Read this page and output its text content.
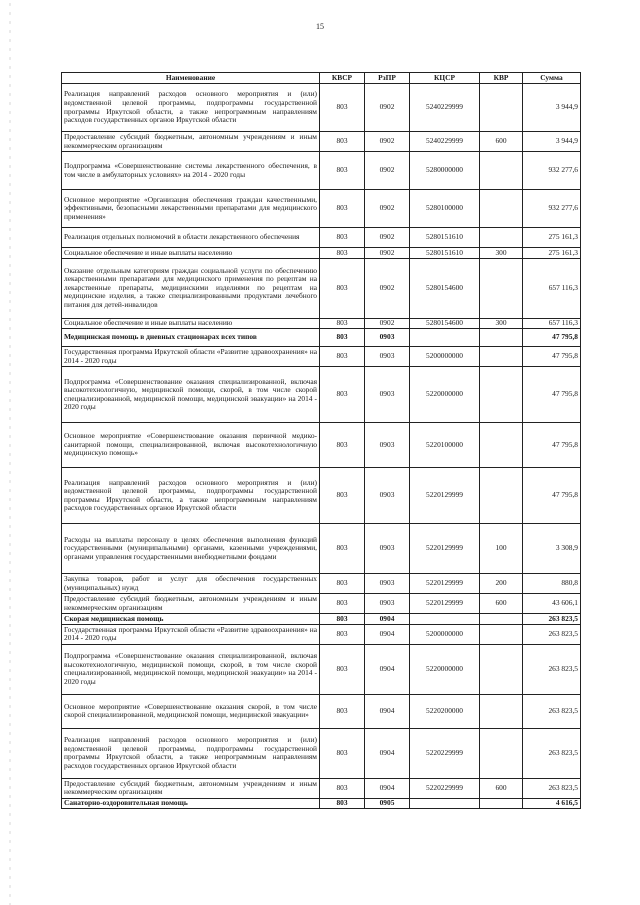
15
Наименование	КВСР	РзПР	КЦСР	КВР	Сумма
Реализация направлений расходов основного мероприятия и (или) ведомственной целевой программы, подпрограммы государственной программы Иркутской области, а также непрограммным направлениям расходов государственных органов Иркутской области	803	0902	5240229999		3 944,9
Предоставление субсидий бюджетным, автономным учреждениям и иным некоммерческим организациям	803	0902	5240229999	600	3 944,9
Подпрограмма «Совершенствование системы лекарственного обеспечения, в том числе в амбулаторных условиях» на 2014 - 2020 годы	803	0902	5280000000		932 277,6
Основное мероприятие «Организация обеспечения граждан качественными, эффективными, безопасными лекарственными препаратами для медицинского применения»	803	0902	5280100000		932 277,6
Реализация отдельных полномочий в области лекарственного обеспечения	803	0902	5280151610		275 161,3
Социальное обеспечение и иные выплаты населению	803	0902	5280151610	300	275 161,3
Оказание отдельным категориям граждан социальной услуги по обеспечению лекарственными препаратами для медицинского применения по рецептам на лекарственные препараты, медицинскими изделиями по рецептам на медицинские изделия, а также специализированными продуктами лечебного питания для детей-инвалидов	803	0902	5280154600		657 116,3
Социальное обеспечение и иные выплаты населению	803	0902	5280154600	300	657 116,3
Медицинская помощь в дневных стационарах всех типов	803	0903			47 795,8
Государственная программа Иркутской области «Развитие здравоохранения» на 2014 - 2020 годы	803	0903	5200000000		47 795,8
Подпрограмма «Совершенствование оказания специализированной, включая высокотехнологичную, медицинской помощи, скорой, в том числе скорой специализированной, медицинской помощи, медицинской эвакуации» на 2014 - 2020 годы	803	0903	5220000000		47 795,8
Основное мероприятие «Совершенствование оказания первичной медико-санитарной помощи, специализированной, включая высокотехнологичную медицинскую помощь»	803	0903	5220100000		47 795,8
Реализация направлений расходов основного мероприятия и (или) ведомственной целевой программы, подпрограммы государственной программы Иркутской области, а также непрограммным направлениям расходов государственных органов Иркутской области	803	0903	5220129999		47 795,8
Расходы на выплаты персоналу в целях обеспечения выполнения функций государственными (муниципальными) органами, казенными учреждениями, органами управления государственными внебюджетными фондами	803	0903	5220129999	100	3 308,9
Закупка товаров, работ и услуг для обеспечения государственных (муниципальных) нужд	803	0903	5220129999	200	880,8
Предоставление субсидий бюджетным, автономным учреждениям и иным некоммерческим организациям	803	0903	5220129999	600	43 606,1
Скорая медицинская помощь	803	0904			263 823,5
Государственная программа Иркутской области «Развитие здравоохранения» на 2014 - 2020 годы	803	0904	5200000000		263 823,5
Подпрограмма «Совершенствование оказания специализированной, включая высокотехнологичную, медицинской помощи, скорой, в том числе скорой специализированной, медицинской помощи, медицинской эвакуации» на 2014 - 2020 годы	803	0904	5220000000		263 823,5
Основное мероприятие «Совершенствование оказания скорой, в том числе скорой специализированной, медицинской помощи, медицинской эвакуации»	803	0904	5220200000		263 823,5
Реализация направлений расходов основного мероприятия и (или) ведомственной целевой программы, подпрограммы государственной программы Иркутской области, а также непрограммным направлениям расходов государственных органов Иркутской области	803	0904	5220229999		263 823,5
Предоставление субсидий бюджетным, автономным учреждениям и иным некоммерческим организациям	803	0904	5220229999	600	263 823,5
Санаторно-оздоровительная помощь	803	0905			4 616,5
